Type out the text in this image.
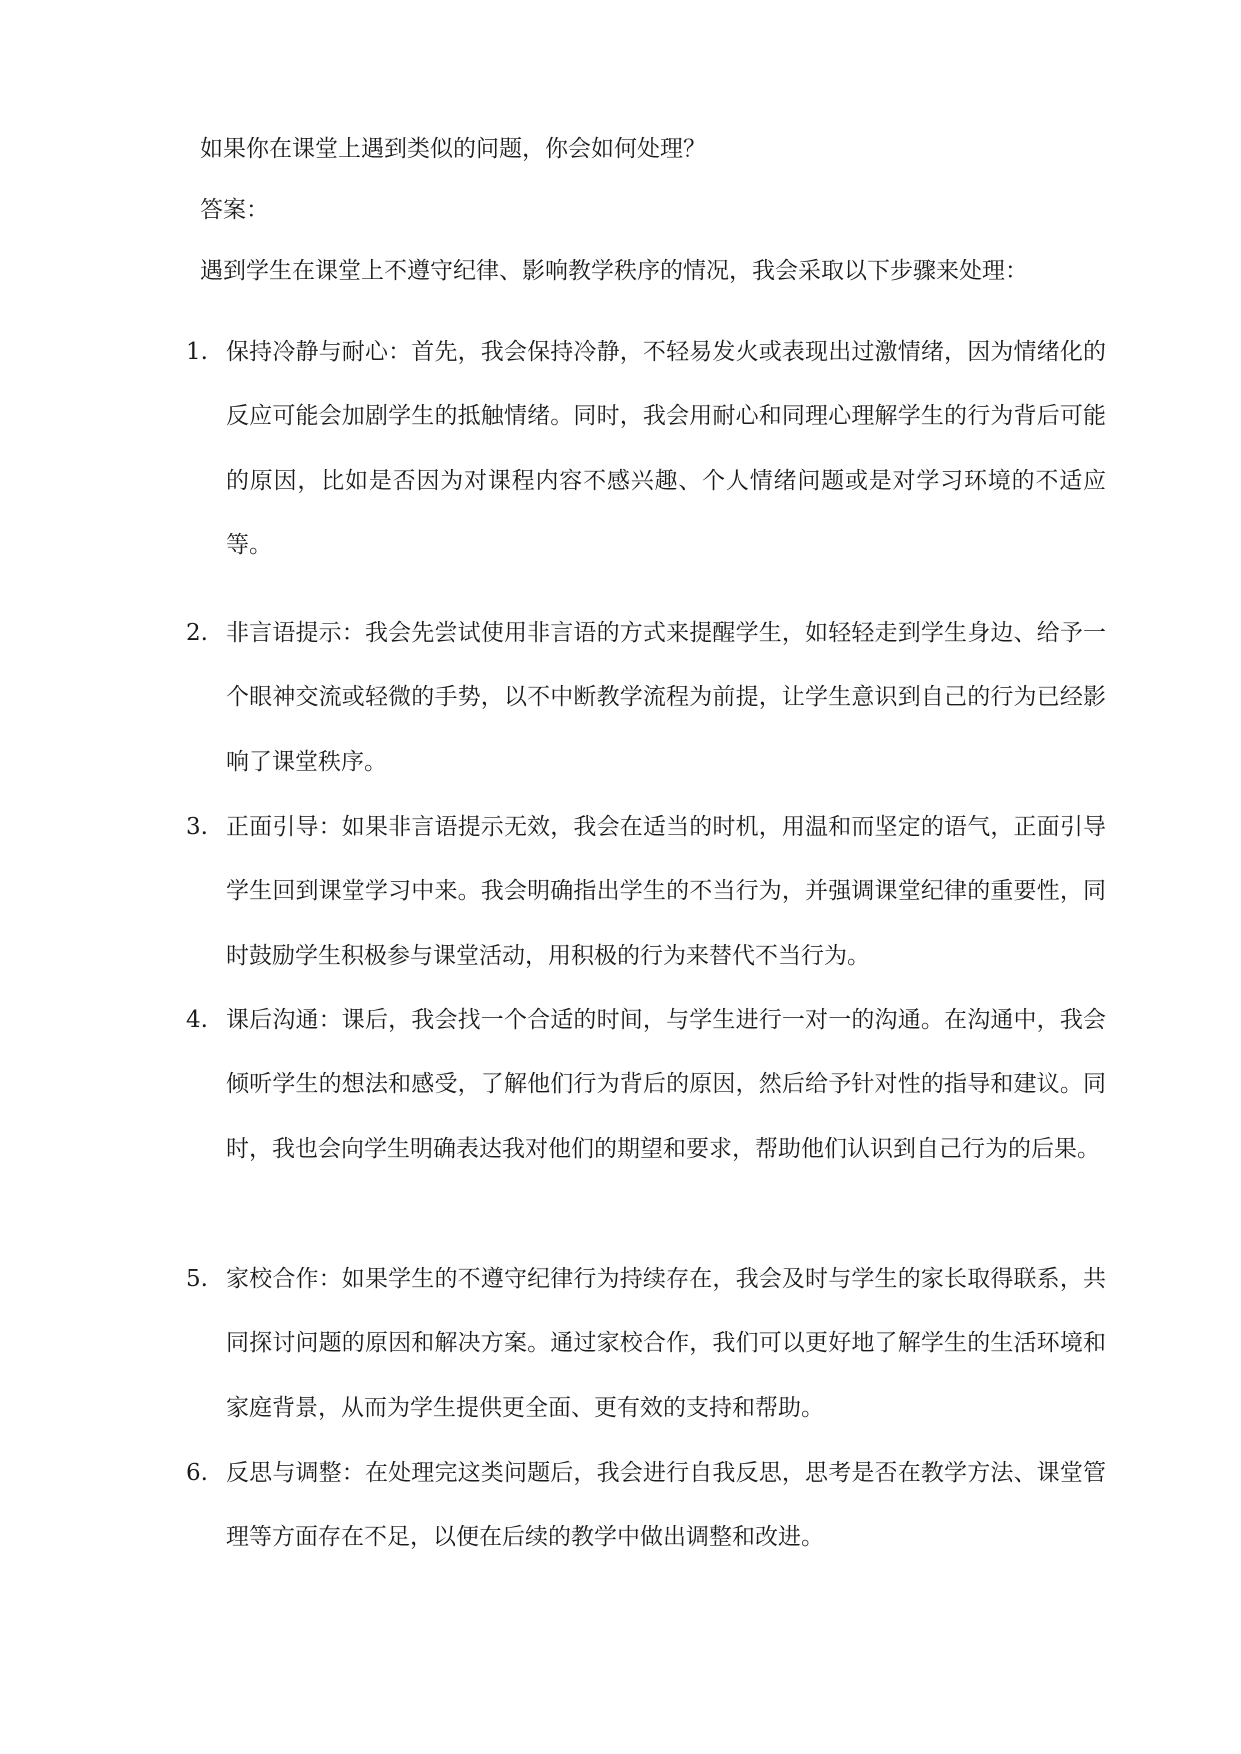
如果你在课堂上遇到类似的问题，你会如何处理？

答案：

遇到学生在课堂上不遵守纪律、影响教学秩序的情况，我会采取以下步骤来处理：

1. 保持冷静与耐心：首先，我会保持冷静，不轻易发火或表现出过激情绪，因为情绪化的反应可能会加剧学生的抵触情绪。同时，我会用耐心和同理心理解学生的行为背后可能的原因，比如是否因为对课程内容不感兴趣、个人情绪问题或是对学习环境的不适应等。

2. 非言语提示：我会先尝试使用非言语的方式来提醒学生，如轻轻走到学生身边、给予一个眼神交流或轻微的手势，以不中断教学流程为前提，让学生意识到自己的行为已经影响了课堂秩序。

3. 正面引导：如果非言语提示无效，我会在适当的时机，用温和而坚定的语气，正面引导学生回到课堂学习中来。我会明确指出学生的不当行为，并强调课堂纪律的重要性，同时鼓励学生积极参与课堂活动，用积极的行为来替代不当行为。

4. 课后沟通：课后，我会找一个合适的时间，与学生进行一对一的沟通。在沟通中，我会倾听学生的想法和感受，了解他们行为背后的原因，然后给予针对性的指导和建议。同时，我也会向学生明确表达我对他们的期望和要求，帮助他们认识到自己行为的后果。

5. 家校合作：如果学生的不遵守纪律行为持续存在，我会及时与学生的家长取得联系，共同探讨问题的原因和解决方案。通过家校合作，我们可以更好地了解学生的生活环境和家庭背景，从而为学生提供更全面、更有效的支持和帮助。

6. 反思与调整：在处理完这类问题后，我会进行自我反思，思考是否在教学方法、课堂管理等方面存在不足，以便在后续的教学中做出调整和改进。
